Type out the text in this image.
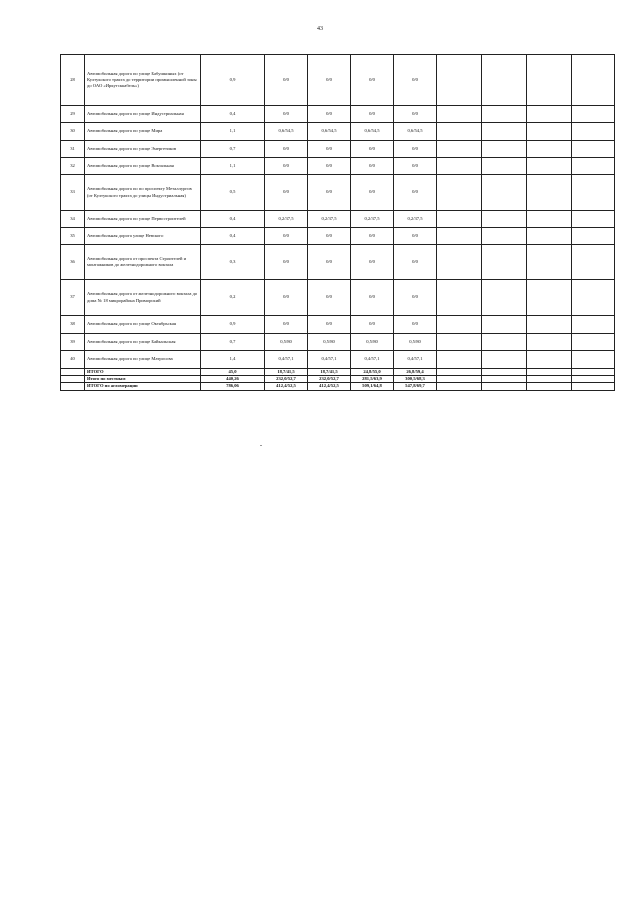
43
28	Автомобильная дорога по улице Бабушкиных (от Култукского тракта до территории промышленной зоны до ОАО «Иркутсккабель»)	0,9	0/0	0/0	0/0	0/0				
29	Автомобильная дорога по улице Индустриальная	0,4	0/0	0/0	0/0	0/0				
30	Автомобильная дорога по улице Мира	1,1	0,6/54,5	0,6/54,5	0,6/54,5	0,6/54,5				
31	Автомобильная дорога по улице Энергетиков	0,7	0/0	0/0	0/0	0/0				
32	Автомобильная дорога по улице Вокзальная	1,1	0/0	0/0	0/0	0/0				
33	Автомобильная дорога по по проспекту Металлургов (от Култукского тракта до улицы Индустриальная)	0,5	0/0	0/0	0/0	0/0				
34	Автомобильная дорога по улице Первостроителей	0,4	0,2/37,5	0,2/37,5	0,2/37,5	0,2/37,5				
35	Автомобильная дорога улице Невского	0,4	0/0	0/0	0/0	0/0				
36	Автомобильная дорога от проспекта Строителей и монтажников до железнодорожного вокзала	0,3	0/0	0/0	0/0	0/0				
37	Автомобильная дорога от железнодорожного вокзала до дома № 18 микрорайона Приморский	0,2	0/0	0/0	0/0	0/0				
38	Автомобильная дорога по улице Октябрьская	0,9	0/0	0/0	0/0	0/0				
39	Автомобильная дорога по улице Байкальская	0,7	0,5/80	0,5/80	0,5/80	0,5/80				
40	Автомобильная дорога по улице Матросова	1,4	0,4/57,1	0,4/57,1	0,4/57,1	0,4/57,1				
	ИТОГО	45,0	18,7/41,5	18,7/41,5	24,8/55,0	26,8/59,4				
	Итого по местным	440,26	232,0/52,7	232,0/52,7	281,5/63,9	300,5/68,3				
	ИТОГО по агломерации	786,06	412,4/52,5	412,4/52,5	509,1/64,8	547,8/69,7				
